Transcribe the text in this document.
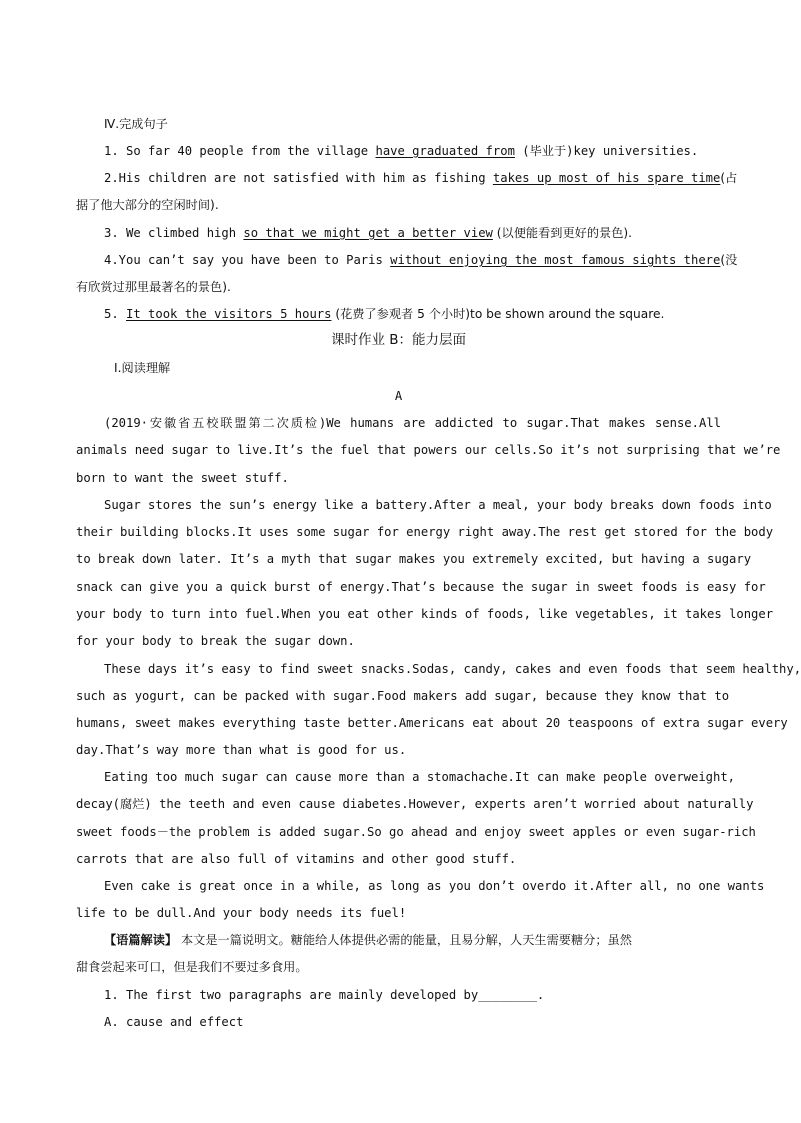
Ⅳ.完成句子
1. So far 40 people from the village have graduated from (毕业于)key universities.
2.His children are not satisfied with him as fishing takes up most of his spare time(占
据了他大部分的空闲时间).
3. We climbed high so that we might get a better view (以便能看到更好的景色).
4.You can’t say you have been to Paris without enjoying the most famous sights there(没
有欣赏过那里最著名的景色).
5. It took the visitors 5 hours (花费了参观者 5 个小时)to be shown around the square.
课时作业 B：能力层面
Ⅰ.阅读理解
A
(2019·安徽省五校联盟第二次质检)We humans are addicted to sugar.That makes sense.All
animals need sugar to live.It’s the fuel that powers our cells.So it’s not surprising that we’re
born to want the sweet stuff.
Sugar stores the sun’s energy like a battery.After a meal, your body breaks down foods into
their building blocks.It uses some sugar for energy right away.The rest get stored for the body
to break down later. It’s a myth that sugar makes you extremely excited, but having a sugary
snack can give you a quick burst of energy.That’s because the sugar in sweet foods is easy for
your body to turn into fuel.When you eat other kinds of foods, like vegetables, it takes longer
for your body to break the sugar down.
These days it’s easy to find sweet snacks.Sodas, candy, cakes and even foods that seem healthy,
such as yogurt, can be packed with sugar.Food makers add sugar, because they know that to
humans, sweet makes everything taste better.Americans eat about 20 teaspoons of extra sugar every
day.That’s way more than what is good for us.
Eating too much sugar can cause more than a stomachache.It can make people overweight,
decay(腐烂) the teeth and even cause diabetes.However, experts aren’t worried about naturally
sweet foods－the problem is added sugar.So go ahead and enjoy sweet apples or even sugar-rich
carrots that are also full of vitamins and other good stuff.
Even cake is great once in a while, as long as you don’t overdo it.After all, no one wants
life to be dull.And your body needs its fuel!
【语篇解读】 本文是一篇说明文。糖能给人体提供必需的能量，且易分解，人天生需要糖分；虽然
甜食尝起来可口，但是我们不要过多食用。
1. The first two paragraphs are mainly developed by________.
A. cause and effect
